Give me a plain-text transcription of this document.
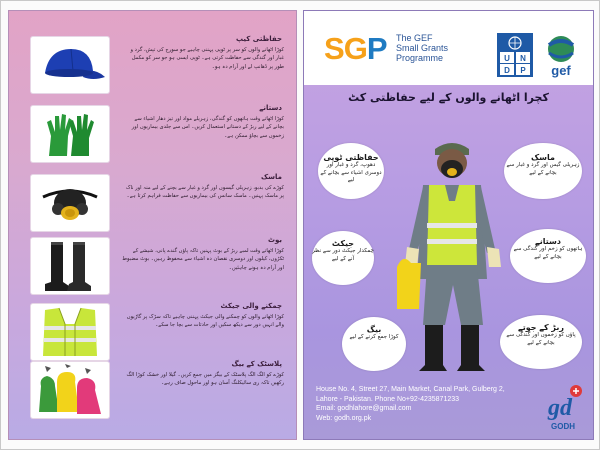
حفاظتی کیپ
کوڑا اٹھانے والوں کو سر پر ٹوپی پہننی چاہیے جو سورج کی تپش، گرد و غبار اور گندگی سے حفاظت کرتی ہے۔ ٹوپی ایسی ہو جو سر کو مکمل طور پر ڈھانپ لے اور آرام دہ ہو۔
دستانے
کوڑا اٹھاتے وقت ہاتھوں کو گندگی، زہریلے مواد اور تیز دھار اشیاء سے بچانے کے لیے ربڑ کے دستانے استعمال کریں۔ اس سے جلدی بیماریوں اور زخموں سے بچاؤ ممکن ہے۔
ماسک
کوڑے کی بدبو، زہریلی گیسوں اور گرد و غبار سے بچنے کے لیے منہ اور ناک پر ماسک پہنیں۔ ماسک سانس کی بیماریوں سے حفاظت فراہم کرتا ہے۔
بوٹ
کوڑا اٹھاتے وقت لمبے ربڑ کے بوٹ پہنیں تاکہ پاؤں گندے پانی، شیشے کے ٹکڑوں، کیلوں اور دوسری نقصان دہ اشیاء سے محفوظ رہیں۔ بوٹ مضبوط اور آرام دہ ہونے چاہئیں۔
چمکنے والی جیکٹ
کوڑا اٹھانے والوں کو چمکنے والی جیکٹ پہننی چاہیے تاکہ سڑک پر گاڑیوں والے انہیں دور سے دیکھ سکیں اور حادثات سے بچا جا سکے۔
پلاسٹک کے بیگ
کوڑے کو الگ الگ پلاسٹک کے بیگز میں جمع کریں۔ گیلا اور خشک کوڑا الگ رکھیں تاکہ ری سائیکلنگ آسان ہو اور ماحول صاف رہے۔
SGP The GEF
Small Grants
Programme	U N
D P gef
کچرا اٹھانے والوں کے لیے حفاظتی کٹ
حفاظتی ٹوپی
دھوپ، گرد و غبار اور دوسری اشیاء سے بچانے کے لیے
ماسک
زہریلی گیس اور گرد و غبار سے بچانے کے لیے
جیکٹ
چمکدار جیکٹ دور سے نظر آنے کے لیے
دستانے
ہاتھوں کو زخم اور گندگی سے بچانے کے لیے
بیگ
کوڑا جمع کرنے کے لیے
ربڑ کے جوتے
پاؤں کو زخموں اور گندگی سے بچانے کے لیے
House No. 4, Street 27, Main Market, Canal Park, Gulberg 2,
Lahore - Pakistan. Phone No+92-4235871233
Email: godhlahore@gmail.com
Web: godh.org.pk	gd
GODH
